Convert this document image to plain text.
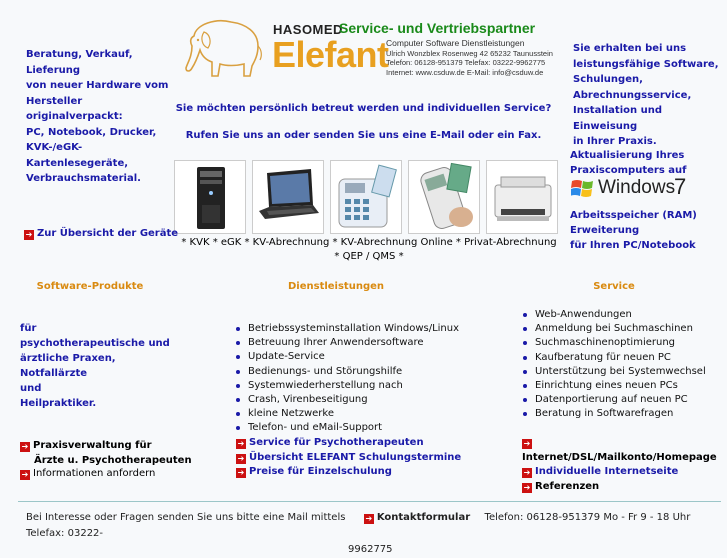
Beratung, Verkauf, Lieferung
von neuer Hardware vom
Hersteller originalverpackt:
PC, Notebook, Drucker,
KVK-/eGK-Kartenlesegeräte,
Verbrauchsmaterial.
HASOMED
Service- und Vertriebspartner
Elefant
Computer Software Dienstleistungen
Ulrich Wonzblex Rosenweg 42 65232 Taunusstein
Telefon: 06128-951379 Telefax: 03222-9962775
Internet: www.csduw.de E-Mail: info@csduw.de
Sie erhalten bei uns
leistungsfähige Software,
Schulungen,
Abrechnungsservice,
Installation und Einweisung
in Ihrer Praxis.
Sie möchten persönlich betreut werden und individuellen Service?
Rufen Sie uns an oder senden Sie uns eine E-Mail oder ein Fax.
➔ Zur Übersicht der Geräte
* KVK * eGK * KV-Abrechnung * KV-Abrechnung Online * Privat-Abrechnung * QEP / QMS *
Aktualisierung Ihres
Praxiscomputers auf
Arbeitsspeicher (RAM)
Erweiterung
für Ihren PC/Notebook
Windows
7
Software-Produkte	Dienstleistungen	Service
für
psychotherapeutische und
ärztliche Praxen,
Notfallärzte
und
Heilpraktiker.
➔ Praxisverwaltung für
Ärzte u. Psychotherapeuten
➔ Informationen anfordern
Betriebssysteminstallation Windows/Linux
Betreuung Ihrer Anwendersoftware
Update-Service
Bedienungs- und Störungshilfe
Systemwiederherstellung nach
Crash, Virenbeseitigung
kleine Netzwerke
Telefon- und eMail-Support
➔ Service für Psychotherapeuten
➔ Übersicht ELEFANT Schulungstermine
➔ Preise für Einzelschulung
Web-Anwendungen
Anmeldung bei Suchmaschinen
Suchmaschinenoptimierung
Kaufberatung für neuen PC
Unterstützung bei Systemwechsel
Einrichtung eines neuen PCs
Datenportierung auf neuen PC
Beratung in Softwarefragen
➔Internet/DSL/Mailkonto/Homepage
➔ Individuelle Internetseite
➔ Referenzen
Bei Interesse oder Fragen senden Sie uns bitte eine Mail mittels	➔ Kontaktformular Telefon: 06128-951379 Mo - Fr 9 - 18 Uhr Telefax: 03222-
9962775
